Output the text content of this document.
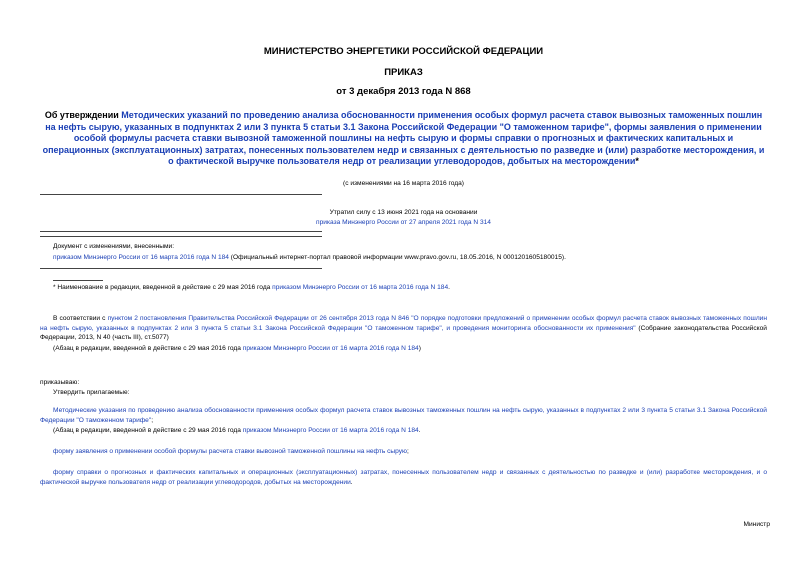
МИНИСТЕРСТВО ЭНЕРГЕТИКИ РОССИЙСКОЙ ФЕДЕРАЦИИ
ПРИКАЗ
от 3 декабря 2013 года N 868
Об утверждении Методических указаний по проведению анализа обоснованности применения особых формул расчета ставок вывозных таможенных пошлин на нефть сырую, указанных в подпунктах 2 или 3 пункта 5 статьи 3.1 Закона Российской Федерации "О таможенном тарифе", формы заявления о применении особой формулы расчета ставки вывозной таможенной пошлины на нефть сырую и формы справки о прогнозных и фактических капитальных и операционных (эксплуатационных) затратах, понесенных пользователем недр и связанных с деятельностью по разведке и (или) разработке месторождения, и о фактической выручке пользователя недр от реализации углеводородов, добытых на месторождении*
(с изменениями на 16 марта 2016 года)
Утратил силу с 13 июня 2021 года на основании
приказа Минэнерго России от 27 апреля 2021 года N 314
Документ с изменениями, внесенными:
приказом Минэнерго России от 16 марта 2016 года N 184 (Официальный интернет-портал правовой информации www.pravo.gov.ru, 18.05.2016, N 0001201605180015).
* Наименование в редакции, введенной в действие с 29 мая 2016 года приказом Минэнерго России от 16 марта 2016 года N 184.
В соответствии с пунктом 2 постановления Правительства Российской Федерации от 26 сентября 2013 года N 846 "О порядке подготовки предложений о применении особых формул расчета ставок вывозных таможенных пошлин на нефть сырую, указанных в подпунктах 2 или 3 пункта 5 статьи 3.1 Закона Российской Федерации "О таможенном тарифе", и проведения мониторинга обоснованности их применения" (Собрание законодательства Российской Федерации, 2013, N 40 (часть III), ст.5077)
(Абзац в редакции, введенной в действие с 29 мая 2016 года приказом Минэнерго России от 16 марта 2016 года N 184)
приказываю:
Утвердить прилагаемые:
Методические указания по проведению анализа обоснованности применения особых формул расчета ставок вывозных таможенных пошлин на нефть сырую, указанных в подпунктах 2 или 3 пункта 5 статьи 3.1 Закона Российской Федерации "О таможенном тарифе";
(Абзац в редакции, введенной в действие с 29 мая 2016 года приказом Минэнерго России от 16 марта 2016 года N 184.
форму заявления о применении особой формулы расчета ставки вывозной таможенной пошлины на нефть сырую;
форму справки о прогнозных и фактических капитальных и операционных (эксплуатационных) затратах, понесенных пользователем недр и связанных с деятельностью по разведке и (или) разработке месторождения, и о фактической выручке пользователя недр от реализации углеводородов, добытых на месторождении.
Министр
